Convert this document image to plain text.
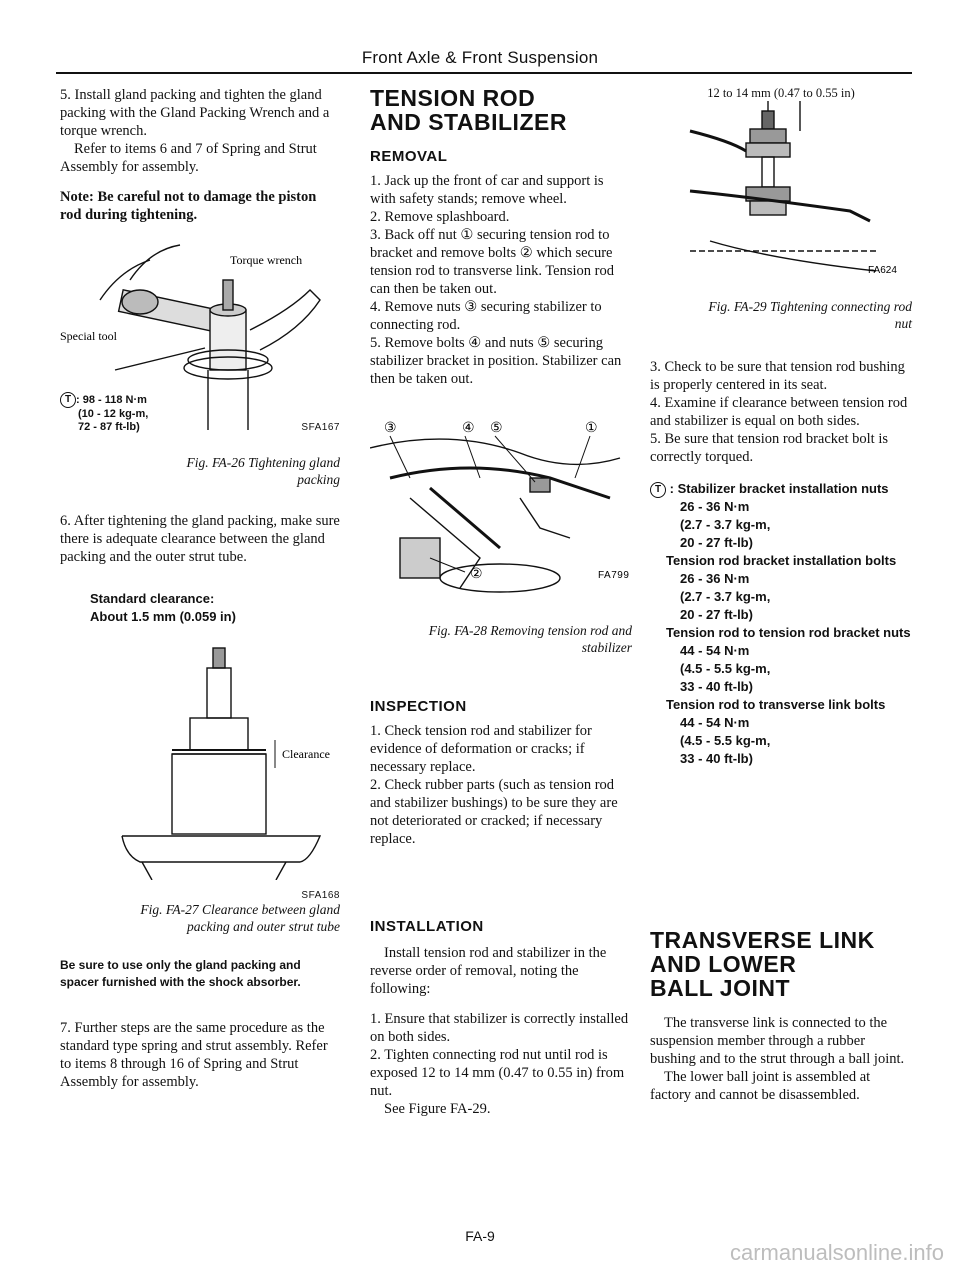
Front Axle & Front Suspension

5. Install gland packing and tighten the gland packing with the Gland Packing Wrench and a torque wrench.

Refer to items 6 and 7 of Spring and Strut Assembly for assembly.

Note: Be careful not to damage the piston rod during tightening.

Torque wrench
Special tool
T : 98 - 118 N·m
(10 - 12 kg-m,
72 - 87 ft-lb)	SFA167
Fig. FA-26 Tightening gland
packing

6. After tightening the gland packing, make sure there is adequate clearance between the gland packing and the outer strut tube.

Standard clearance:
About 1.5 mm (0.059 in)
Clearance
SFA168
Fig. FA-27 Clearance between gland
packing and outer strut tube

Be sure to use only the gland packing and spacer furnished with the shock absorber.

7. Further steps are the same procedure as the standard type spring and strut assembly. Refer to items 8 through 16 of Spring and Strut Assembly for assembly.

TENSION ROD
AND STABILIZER
REMOVAL

1. Jack up the front of car and support is with safety stands; remove wheel.

2. Remove splashboard.

3. Back off nut ① securing tension rod to bracket and remove bolts ② which secure tension rod to transverse link. Tension rod can then be taken out.

4. Remove nuts ③ securing stabilizer to connecting rod.

5. Remove bolts ④ and nuts ⑤ securing stabilizer bracket in position. Stabilizer can then be taken out.

③	④ ⑤	①
②	FA799
Fig. FA-28 Removing tension rod and
stabilizer
INSPECTION

1. Check tension rod and stabilizer for evidence of deformation or cracks; if necessary replace.

2. Check rubber parts (such as tension rod and stabilizer bushings) to be sure they are not deteriorated or cracked; if necessary replace.

INSTALLATION

Install tension rod and stabilizer in the reverse order of removal, noting the following:

1. Ensure that stabilizer is correctly installed on both sides.

2. Tighten connecting rod nut until rod is exposed 12 to 14 mm (0.47 to 0.55 in) from nut.

See Figure FA-29.

12 to 14 mm (0.47 to 0.55 in)
FA624
Fig. FA-29 Tightening connecting rod
nut

3. Check to be sure that tension rod bushing is properly centered in its seat.

4. Examine if clearance between tension rod and stabilizer is equal on both sides.

5. Be sure that tension rod bracket bolt is correctly torqued.

T : Stabilizer bracket installation nuts
26 - 36 N·m
(2.7 - 3.7 kg-m,
20 - 27 ft-lb)
Tension rod bracket installation bolts
26 - 36 N·m
(2.7 - 3.7 kg-m,
20 - 27 ft-lb)
Tension rod to tension rod bracket nuts
44 - 54 N·m
(4.5 - 5.5 kg-m,
33 - 40 ft-lb)
Tension rod to transverse link bolts
44 - 54 N·m
(4.5 - 5.5 kg-m,
33 - 40 ft-lb)
TRANSVERSE LINK
AND LOWER
BALL JOINT

The transverse link is connected to the suspension member through a rubber bushing and to the strut through a ball joint.

The lower ball joint is assembled at factory and cannot be disassembled.

FA-9
carmanualsonline.info
